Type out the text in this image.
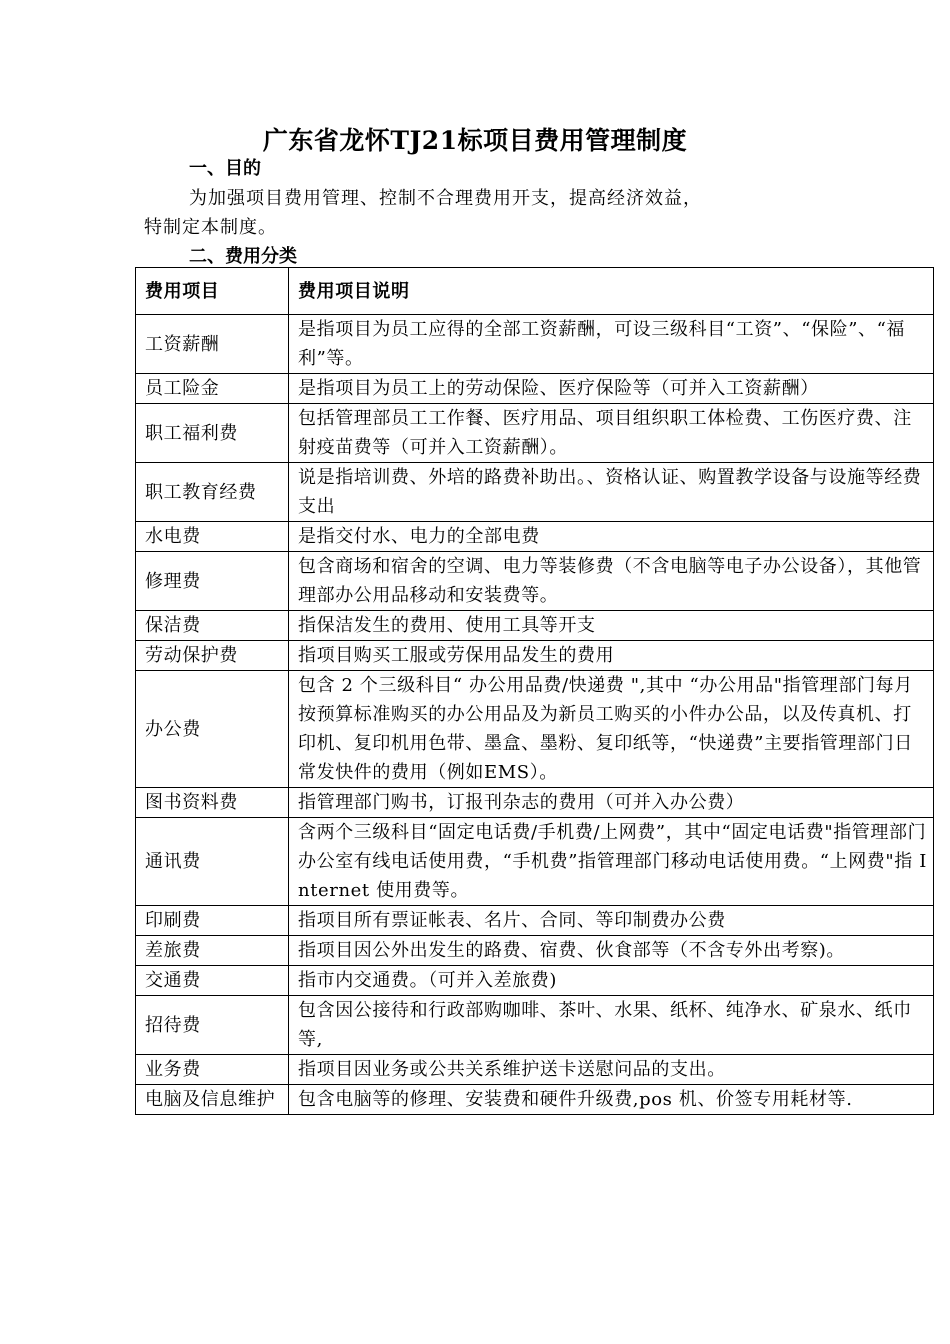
广东省龙怀TJ21标项目费用管理制度
一、目的

为加强项目费用管理、控制不合理费用开支，提高经济效益，

特制定本制度。

二、费用分类
费用项目	费用项目说明
工资薪酬	是指项目为员工应得的全部工资薪酬，可设三级科目“工资”、“保险”、“福利”等。
员工险金	是指项目为员工上的劳动保险、医疗保险等（可并入工资薪酬）
职工福利费	包括管理部员工工作餐、医疗用品、项目组织职工体检费、工伤医疗费、注射疫苗费等（可并入工资薪酬）。
职工教育经费	说是指培训费、外培的路费补助出。、资格认证、购置教学设备与设施等经费支出
水电费	是指交付水、电力的全部电费
修理费	包含商场和宿舍的空调、电力等装修费（不含电脑等电子办公设备），其他管理部办公用品移动和安装费等。
保洁费	指保洁发生的费用、使用工具等开支
劳动保护费	指项目购买工服或劳保用品发生的费用
办公费	包含 2 个三级科目“ 办公用品费/快递费 ",其中 “办公用品"指管理部门每月按预算标准购买的办公用品及为新员工购买的小件办公品，以及传真机、打印机、复印机用色带、墨盒、墨粉、复印纸等，“快递费”主要指管理部门日常发快件的费用（例如EMS）。
图书资料费	指管理部门购书，订报刊杂志的费用（可并入办公费）
通讯费	含两个三级科目“固定电话费/手机费/上网费”，其中“固定电话费"指管理部门办公室有线电话使用费，“手机费”指管理部门移动电话使用费。“上网费"指 Internet 使用费等。
印刷费	指项目所有票证帐表、名片、合同、等印制费办公费
差旅费	指项目因公外出发生的路费、宿费、伙食部等（不含专外出考察)。
交通费	指市内交通费。（可并入差旅费)
招待费	包含因公接待和行政部购咖啡、茶叶、水果、纸杯、纯净水、矿泉水、纸巾等,
业务费	指项目因业务或公共关系维护送卡送慰问品的支出。
电脑及信息维护	包含电脑等的修理、安装费和硬件升级费,pos 机、价签专用耗材等.
